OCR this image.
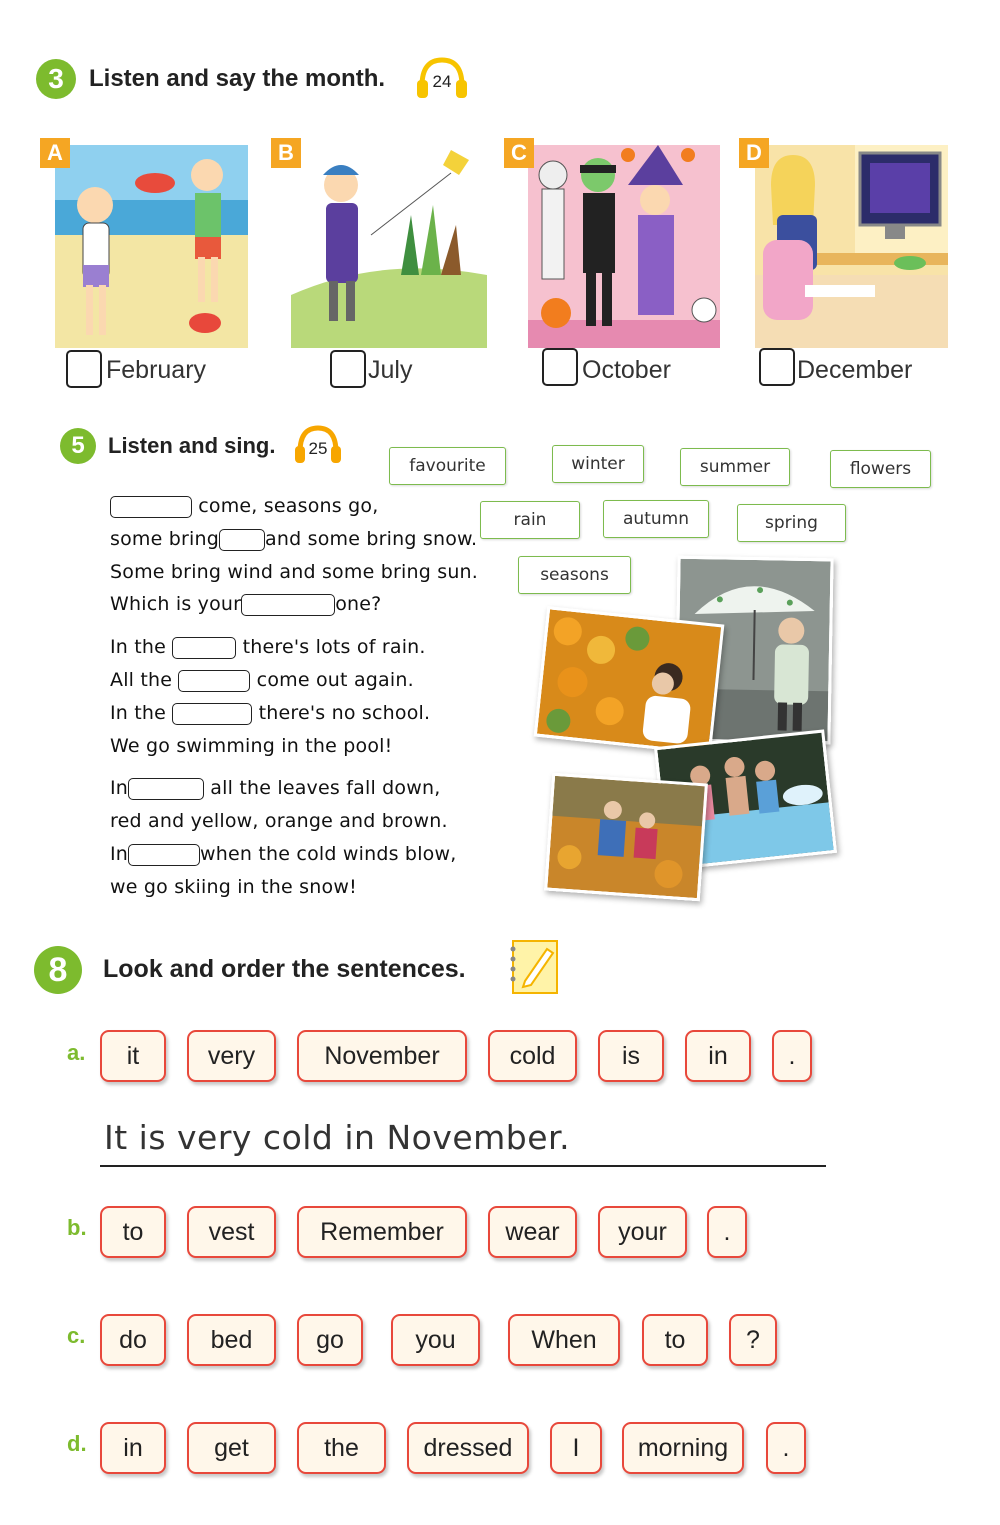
3	Listen and say the month.	24
A	B	C	D
February	July	October	December
5	Listen and sing. 25
favourite	winter	summer	flowers
rain	autumn	spring
seasons
come, seasons go,
some bring and some bring snow.
Some bring wind and some bring sun.
Which is your	one?
In the	there's lots of rain.
All the	come out again.
In the	there's no school.
We go swimming in the pool!
In	all the leaves fall down,
red and yellow, orange and brown.
In	when the cold winds blow,
we go skiing in the snow!
8	Look and order the sentences.
a.	it	very	November	cold	is	in	.
It is very cold in November.
b.	to	vest	Remember	wear	your	.
c.	do	bed	go	you	When	to	?
d.	in	get	the	dressed	I	morning	.
